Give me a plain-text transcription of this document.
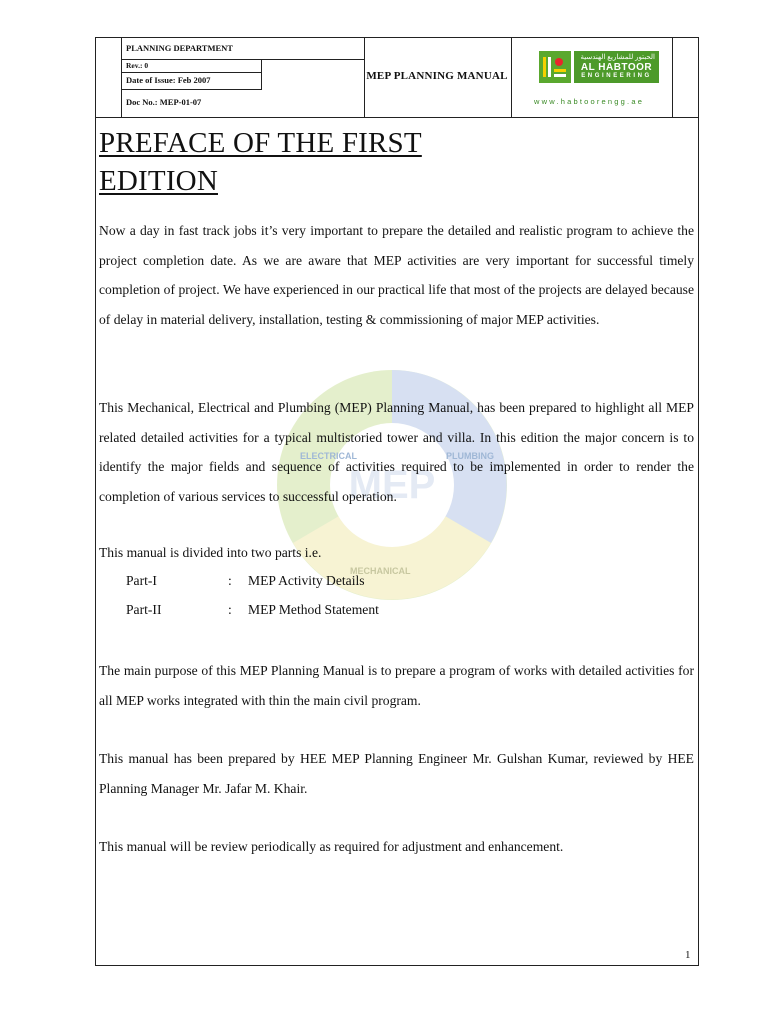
MEP
ELECTRICAL	PLUMBING
MECHANICAL
PLANNING DEPARTMENT
Rev.: 0
Date of Issue: Feb 2007
Doc No.: MEP-01-07
MEP PLANNING MANUAL
الحبتور للمشاريع الهندسية
AL HABTOOR
ENGINEERING
www.habtoorengg.ae
PREFACE OF THE FIRST
EDITION

Now a day in fast track jobs it’s very important to prepare the detailed and realistic program to achieve the project completion date. As we are aware that MEP activities are very important for successful timely completion of project. We have experienced in our practical life that most of the projects are delayed because of delay in material delivery, installation, testing & commissioning of major MEP activities.

This Mechanical, Electrical and Plumbing (MEP) Planning Manual, has been prepared to highlight all MEP related detailed activities for a typical multistoried tower and villa. In this edition the major concern is to identify the major fields and sequence of activities required to be implemented in order to render the completion of various services to successful operation.

This manual is divided into two parts i.e.

Part-I	: MEP Activity Details
Part-II	: MEP Method Statement

The main purpose of this MEP Planning Manual is to prepare a program of works with detailed activities for all MEP works integrated with thin the main civil program.

This manual has been prepared by HEE MEP Planning Engineer Mr. Gulshan Kumar, reviewed by HEE Planning Manager Mr. Jafar M. Khair.

This manual will be review periodically as required for adjustment and enhancement.

1
